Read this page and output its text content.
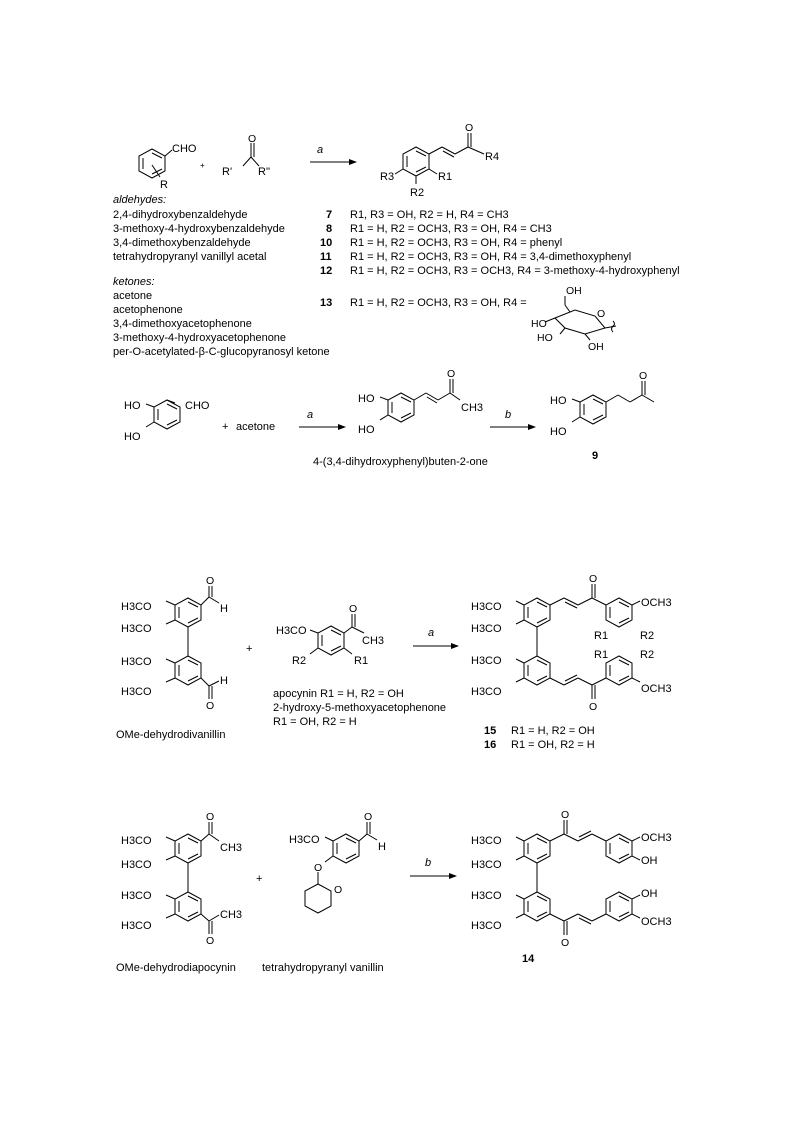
CHO
R
+
O
R' R''
a
O
R4
R3	R1
R2
aldehydes:
2,4-dihydroxybenzaldehyde
3-methoxy-4-hydroxybenzaldehyde
3,4-dimethoxybenzaldehyde
tetrahydropyranyl vanillyl acetal
ketones:
acetone
acetophenone
3,4-dimethoxyacetophenone
3-methoxy-4-hydroxyacetophenone
per-O-acetylated-β-C-glucopyranosyl ketone
7 R1, R3 = OH, R2 = H, R4 = CH3
8 R1 = H, R2 = OCH3, R3 = OH, R4 = CH3
10 R1 = H, R2 = OCH3, R3 = OH, R4 = phenyl
11 R1 = H, R2 = OCH3, R3 = OH, R4 = 3,4-dimethoxyphenyl
12 R1 = H, R2 = OCH3, R3 = OCH3, R4 = 3-methoxy-4-hydroxyphenyl
13 R1 = H, R2 = OCH3, R3 = OH, R4 =
OH
HO
HO
O
OH
HO
HO
CHO
+ acetone
a
HO
HO
O
CH3
4-(3,4-dihydroxyphenyl)buten-2-one
b
HO
HO
O
9
H3CO
H3CO
H3CO
H3CO
O
H
H
O
OMe-dehydrodivanillin
+
H3CO
O
CH3
R2	R1
apocynin R1 = H, R2 = OH
2-hydroxy-5-methoxyacetophenone
R1 = OH, R2 = H
a
H3CO
H3CO
H3CO
H3CO
O
O
OCH3
OCH3
R1	R2
R1	R2
15 R1 = H, R2 = OH
16 R1 = OH, R2 = H
H3CO
H3CO
H3CO
H3CO
O
CH3
CH3
O
OMe-dehydrodiapocynin
+
H3CO
O
H
O
O
tetrahydropyranyl vanillin
b
H3CO
H3CO
H3CO
H3CO
O
O
OCH3
OH
OH
OCH3
14
